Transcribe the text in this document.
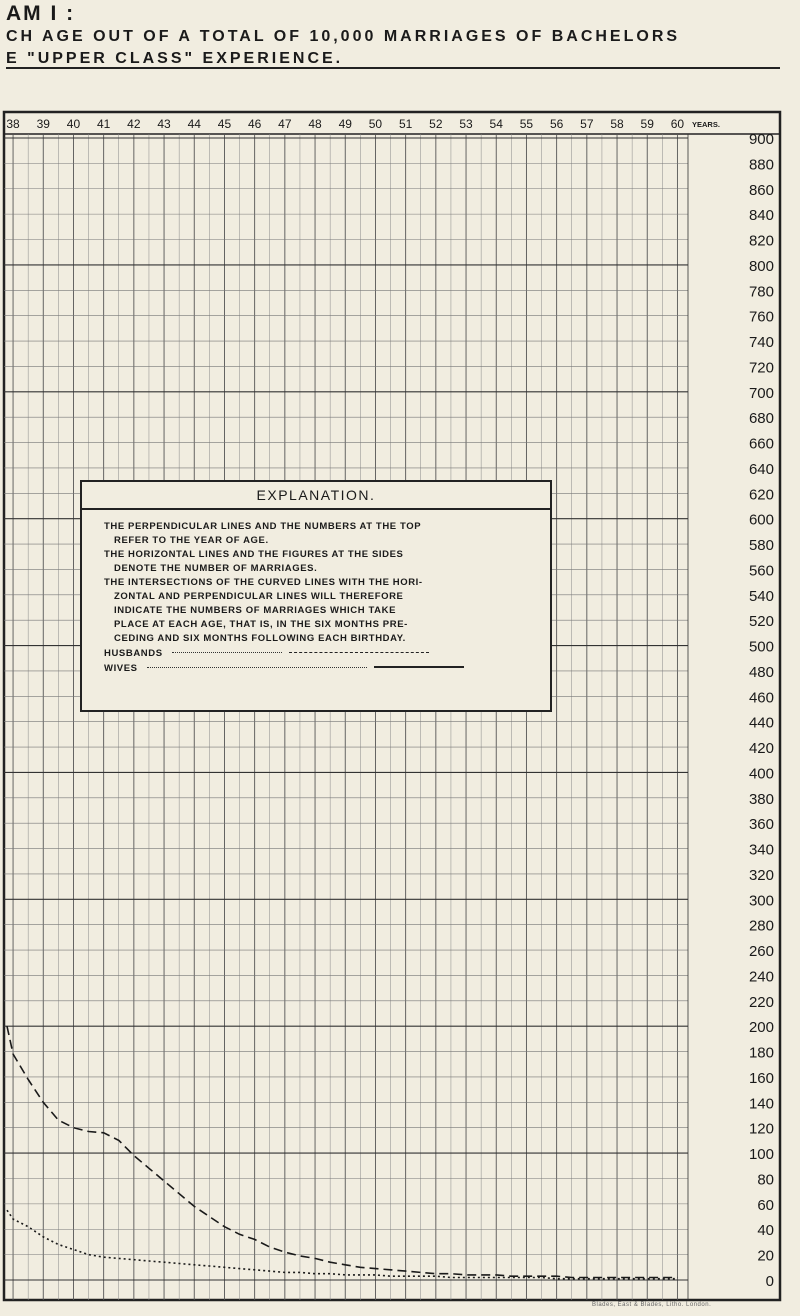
AM I :
CH AGE OUT OF A TOTAL OF 10,000 MARRIAGES OF BACHELORS
E "UPPER CLASS" EXPERIENCE.
38 39 40 41 42 43 44 45 46 47 48 49 50 51 52 53 54 55 56 57 58 59 60 YEARS.
900
880
860
840
820
800
780
760
740
720
700
680
660
640
620
600
580
560
540
520
500
480
460
440
420
400
380
360
340
320
300
280
260
240
220
200
180
160
140
120
100
80
60
40
20
0
EXPLANATION.

THE PERPENDICULAR LINES AND THE NUMBERS AT THE TOP

REFER TO THE YEAR OF AGE.

THE HORIZONTAL LINES AND THE FIGURES AT THE SIDES

DENOTE THE NUMBER OF MARRIAGES.

THE INTERSECTIONS OF THE CURVED LINES WITH THE HORI-

ZONTAL AND PERPENDICULAR LINES WILL THEREFORE

INDICATE THE NUMBERS OF MARRIAGES WHICH TAKE

PLACE AT EACH AGE, THAT IS, IN THE SIX MONTHS PRE-

CEDING AND SIX MONTHS FOLLOWING EACH BIRTHDAY.

HUSBANDS
WIVES
Blades, East & Blades, Litho. London.
